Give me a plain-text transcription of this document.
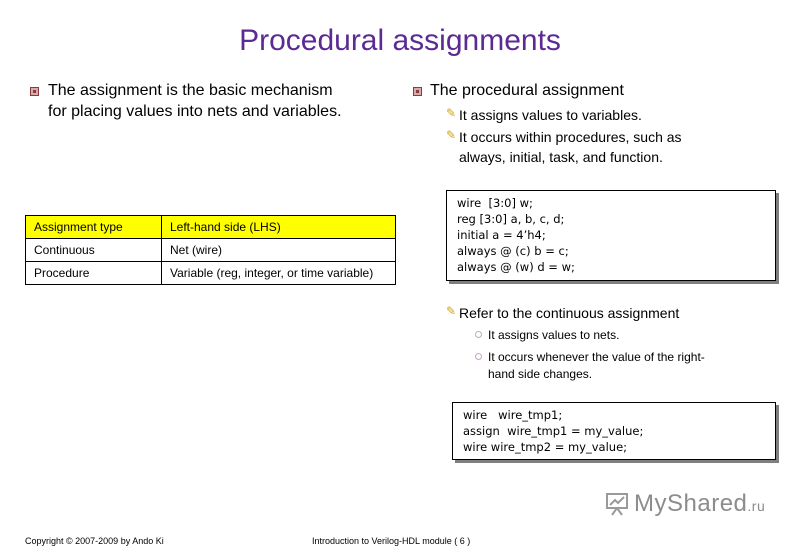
Procedural assignments
The assignment is the basic mechanism
for placing values into nets and variables.
Assignment type	Left-hand side (LHS)
Continuous	Net (wire)
Procedure	Variable (reg, integer, or time variable)
The procedural assignment
✎ It assigns values to variables.
✎ It occurs within procedures, such as
always, initial, task, and function.
wire  [3:0] w;
reg [3:0] a, b, c, d;
initial a = 4’h4;
always @ (c) b = c;
always @ (w) d = w;
✎ Refer to the continuous assignment
It assigns values to nets.
It occurs whenever the value of the right-
hand side changes.
wire   wire_tmp1;
assign  wire_tmp1 = my_value;
wire wire_tmp2 = my_value;
MyShared.ru
Copyright © 2007-2009 by Ando Ki	Introduction to Verilog-HDL module ( 6 )
